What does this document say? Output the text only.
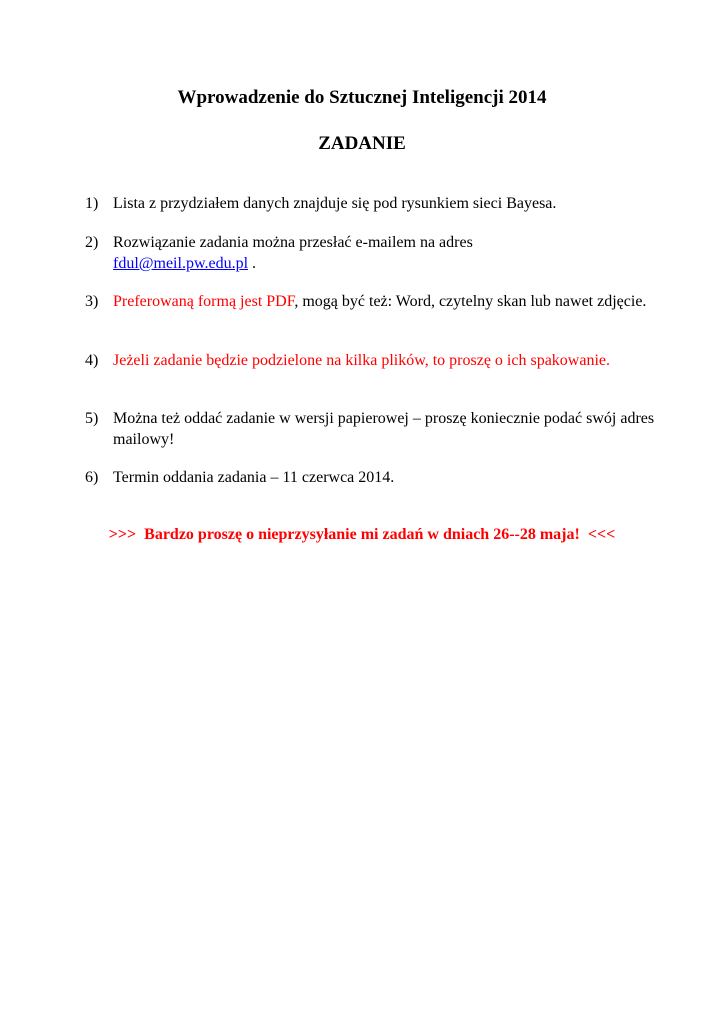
Wprowadzenie do Sztucznej Inteligencji 2014
ZADANIE
1) Lista z przydziałem danych znajduje się pod rysunkiem sieci Bayesa.
2) Rozwiązanie zadania można przesłać e-mailem na adres
fdul@meil.pw.edu.pl .
3) Preferowaną formą jest PDF, mogą być też: Word, czytelny skan lub nawet zdjęcie.
4) Jeżeli zadanie będzie podzielone na kilka plików, to proszę o ich spakowanie.
5) Można też oddać zadanie w wersji papierowej – proszę koniecznie podać swój adres mailowy!
6) Termin oddania zadania – 11 czerwca 2014.
>>>  Bardzo proszę o nieprzysyłanie mi zadań w dniach 26--28 maja!  <<<
